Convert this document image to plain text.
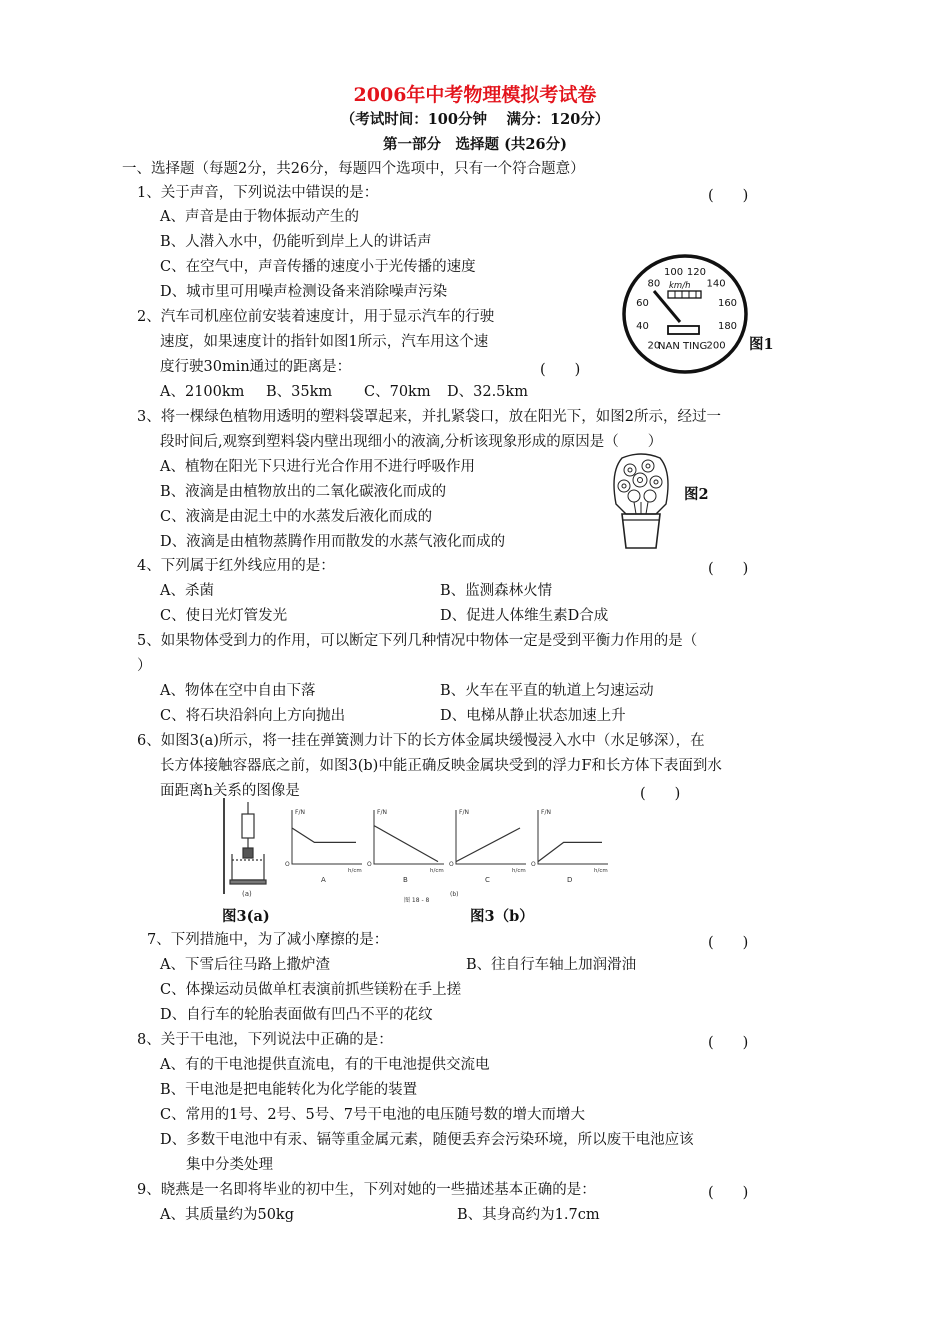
2006年中考物理模拟考试卷
（考试时间：100分钟　 满分：120分）
第一部分　选择题 (共26分)
一、选择题（每题2分，共26分，每题四个选项中，只有一个符合题意）
1、关于声音，下列说法中错误的是：	(　　)
A、声音是由于物体振动产生的
B、人潜入水中，仍能听到岸上人的讲话声
C、在空气中，声音传播的速度小于光传播的速度
D、城市里可用噪声检测设备来消除噪声污染
2、汽车司机座位前安装着速度计，用于显示汽车的行驶
速度，如果速度计的指针如图1所示，汽车用这个速
度行驶30min通过的距离是：	(　　)
A、2100km B、35km C、70km D、32.5km
20
40
60
80
100 120
140
160
180
200
km/h
NAN TING	图1
3、将一棵绿色植物用透明的塑料袋罩起来，并扎紧袋口，放在阳光下，如图2所示，经过一
段时间后,观察到塑料袋内壁出现细小的液滴,分析该现象形成的原因是（　　）
A、植物在阳光下只进行光合作用不进行呼吸作用
B、液滴是由植物放出的二氧化碳液化而成的
C、液滴是由泥土中的水蒸发后液化而成的
D、液滴是由植物蒸腾作用而散发的水蒸气液化而成的
图2
4、下列属于红外线应用的是：	(　　)
A、杀菌	B、监测森林火情
C、使日光灯管发光	D、促进人体维生素D合成
5、如果物体受到力的作用，可以断定下列几种情况中物体一定是受到平衡力作用的是（
）
A、物体在空中自由下落	B、火车在平直的轨道上匀速运动
C、将石块沿斜向上方向抛出	D、电梯从静止状态加速上升
6、如图3(a)所示，将一挂在弹簧测力计下的长方体金属块缓慢浸入水中（水足够深），在
长方体接触容器底之前，如图3(b)中能正确反映金属块受到的浮力F和长方体下表面到水
面距离h关系的图像是	(　　)
(a)
F/N
h/cm
O
A
F/N
h/cm
O
B
F/N
h/cm
O
C
F/N
h/cm
O
D
(b)
图 18 - 8
图3(a)	图3（b）
7、下列措施中，为了减小摩擦的是：	(　　)
A、下雪后往马路上撒炉渣	B、往自行车轴上加润滑油
C、体操运动员做单杠表演前抓些镁粉在手上搓
D、自行车的轮胎表面做有凹凸不平的花纹
8、关于干电池，下列说法中正确的是：	(　　)
A、有的干电池提供直流电，有的干电池提供交流电
B、干电池是把电能转化为化学能的装置
C、常用的1号、2号、5号、7号干电池的电压随号数的增大而增大
D、多数干电池中有汞、镉等重金属元素，随便丢弃会污染环境，所以废干电池应该
集中分类处理
9、晓燕是一名即将毕业的初中生，下列对她的一些描述基本正确的是：	(　　)
A、其质量约为50kg	B、其身高约为1.7cm
